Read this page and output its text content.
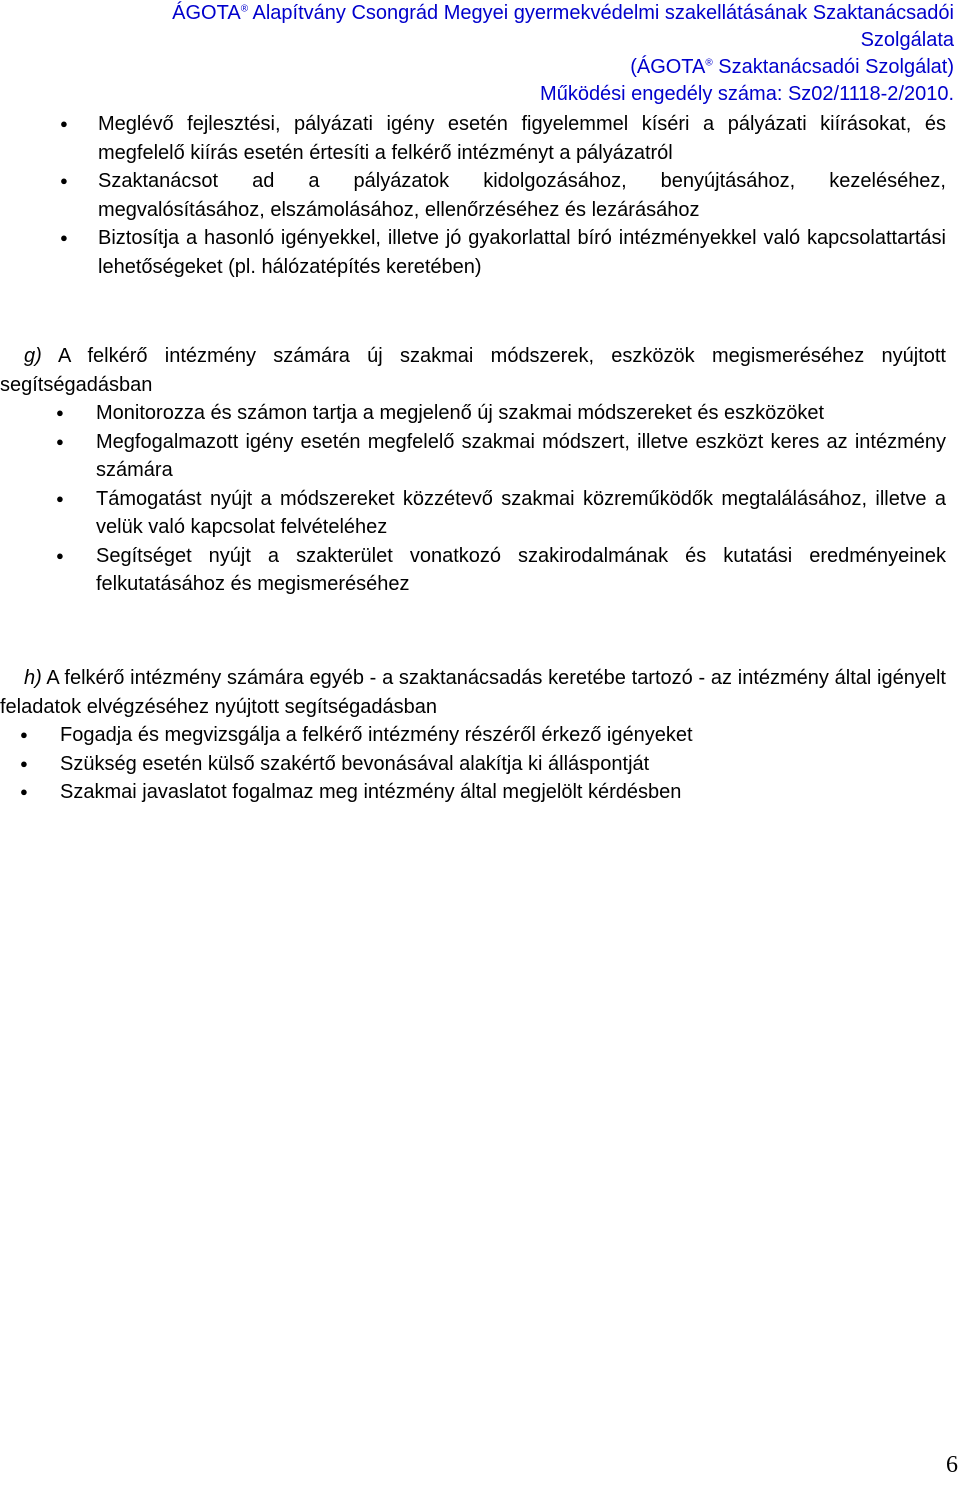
ÁGOTA® Alapítvány Csongrád Megyei gyermekvédelmi szakellátásának Szaktanácsadói
Szolgálata
(ÁGOTA® Szaktanácsadói Szolgálat)
Működési engedély száma: Sz02/1118-2/2010.
● Meglévő fejlesztési, pályázati igény esetén figyelemmel kíséri a pályázati kiírásokat, és megfelelő kiírás esetén értesíti a felkérő intézményt a pályázatról
● Szaktanácsot ad a pályázatok kidolgozásához, benyújtásához, kezeléséhez, megvalósításához, elszámolásához, ellenőrzéséhez és lezárásához
● Biztosítja a hasonló igényekkel, illetve jó gyakorlattal bíró intézményekkel való kapcsolattartási lehetőségeket (pl. hálózatépítés keretében)

g) A felkérő intézmény számára új szakmai módszerek, eszközök megismeréséhez nyújtott segítségadásban

● Monitorozza és számon tartja a megjelenő új szakmai módszereket és eszközöket
● Megfogalmazott igény esetén megfelelő szakmai módszert, illetve eszközt keres az intézmény számára
● Támogatást nyújt a módszereket közzétevő szakmai közreműködők megtalálásához, illetve a velük való kapcsolat felvételéhez
● Segítséget nyújt a szakterület vonatkozó szakirodalmának és kutatási eredményeinek felkutatásához és megismeréséhez

h) A felkérő intézmény számára egyéb - a szaktanácsadás keretébe tartozó - az intézmény által igényelt feladatok elvégzéséhez nyújtott segítségadásban

● Fogadja és megvizsgálja a felkérő intézmény részéről érkező igényeket
● Szükség esetén külső szakértő bevonásával alakítja ki álláspontját
● Szakmai javaslatot fogalmaz meg intézmény által megjelölt kérdésben
6
